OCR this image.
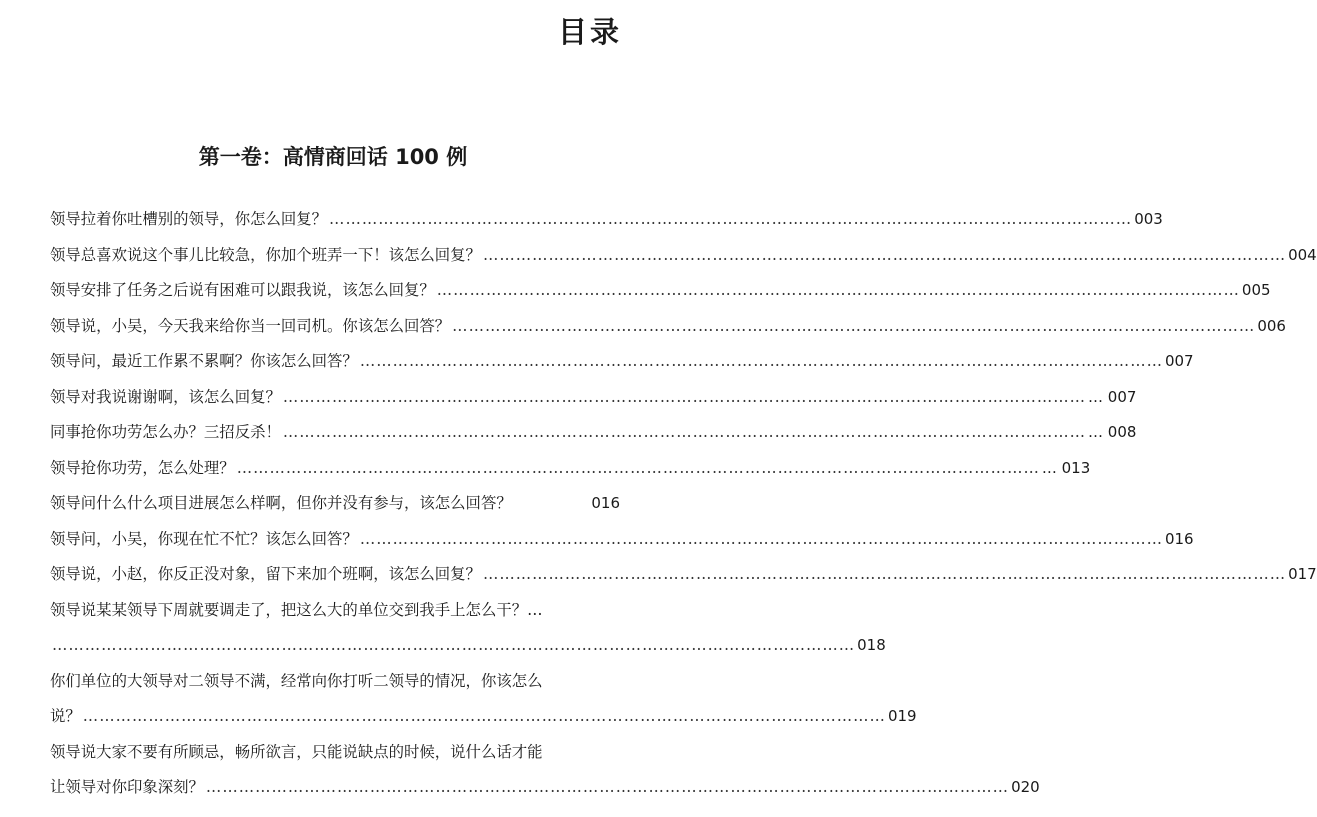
目录
第一卷：高情商回话 100 例
领导拉着你吐槽别的领导，你怎么回复？ ………………………………………………………………………………………………………………………………… 003
领导总喜欢说这个事儿比较急，你加个班弄一下！该怎么回复？ ………………………………………………………………………………………………………………………………… 004
领导安排了任务之后说有困难可以跟我说，该怎么回复？ ………………………………………………………………………………………………………………………………… 005
领导说，小吴，今天我来给你当一回司机。你该怎么回答？ ………………………………………………………………………………………………………………………………… 006
领导问，最近工作累不累啊？你该怎么回答？ ………………………………………………………………………………………………………………………………… 007
领导对我说谢谢啊，该怎么回复？ ………………………………………………………………………………………………………………………………… … 007
同事抢你功劳怎么办？三招反杀！ ………………………………………………………………………………………………………………………………… … 008
领导抢你功劳，怎么处理？ ………………………………………………………………………………………………………………………………… … 013
领导问什么什么项目进展怎么样啊，但你并没有参与，该怎么回答？	016
领导问，小吴，你现在忙不忙？该怎么回答？ ………………………………………………………………………………………………………………………………… 016
领导说，小赵，你反正没对象，留下来加个班啊，该怎么回复？ ………………………………………………………………………………………………………………………………… 017
领导说某某领导下周就要调走了，把这么大的单位交到我手上怎么干？…
………………………………………………………………………………………………………………………………… 018
你们单位的大领导对二领导不满，经常向你打听二领导的情况，你该怎么
说？ ………………………………………………………………………………………………………………………………… 019
领导说大家不要有所顾忌，畅所欲言，只能说缺点的时候，说什么话才能
让领导对你印象深刻？ ………………………………………………………………………………………………………………………………… 020
